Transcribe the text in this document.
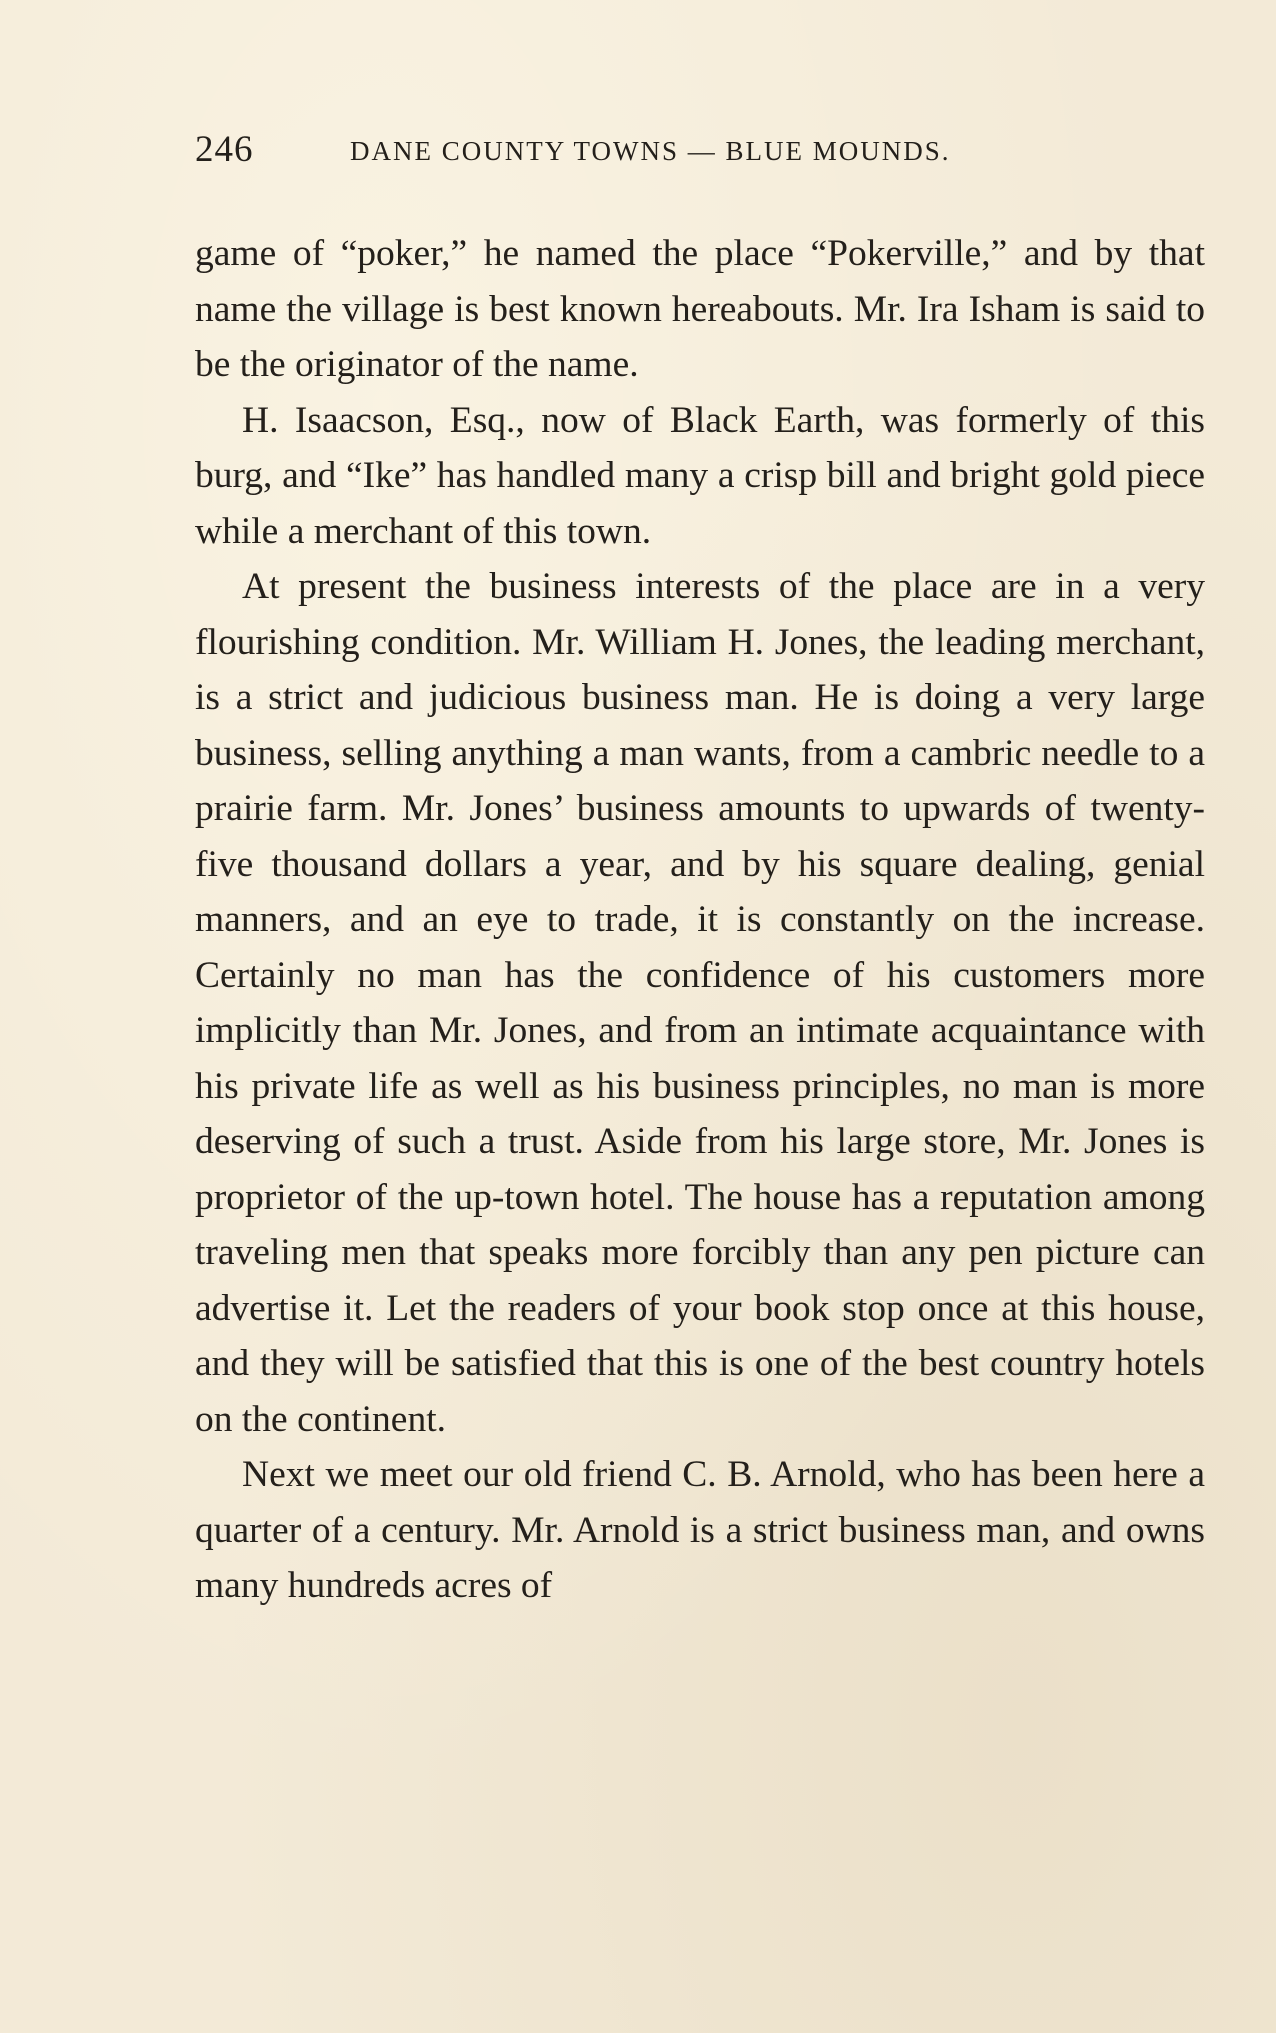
246	DANE COUNTY TOWNS — BLUE MOUNDS.

game of “poker,” he named the place “Pokerville,” and by that name the village is best known hereabouts. Mr. Ira Isham is said to be the originator of the name.

H. Isaacson, Esq., now of Black Earth, was formerly of this burg, and “Ike” has handled many a crisp bill and bright gold piece while a merchant of this town.

At present the business interests of the place are in a very flourishing condition. Mr. William H. Jones, the leading merchant, is a strict and judicious business man. He is doing a very large business, selling anything a man wants, from a cambric needle to a prairie farm. Mr. Jones’ business amounts to upwards of twenty-five thousand dollars a year, and by his square dealing, genial manners, and an eye to trade, it is constantly on the increase. Certainly no man has the confidence of his customers more implicitly than Mr. Jones, and from an intimate acquaintance with his private life as well as his business principles, no man is more deserving of such a trust. Aside from his large store, Mr. Jones is proprietor of the up-town hotel. The house has a reputation among traveling men that speaks more forcibly than any pen picture can advertise it. Let the readers of your book stop once at this house, and they will be satisfied that this is one of the best country hotels on the continent.

Next we meet our old friend C. B. Arnold, who has been here a quarter of a century. Mr. Arnold is a strict business man, and owns many hundreds acres of
